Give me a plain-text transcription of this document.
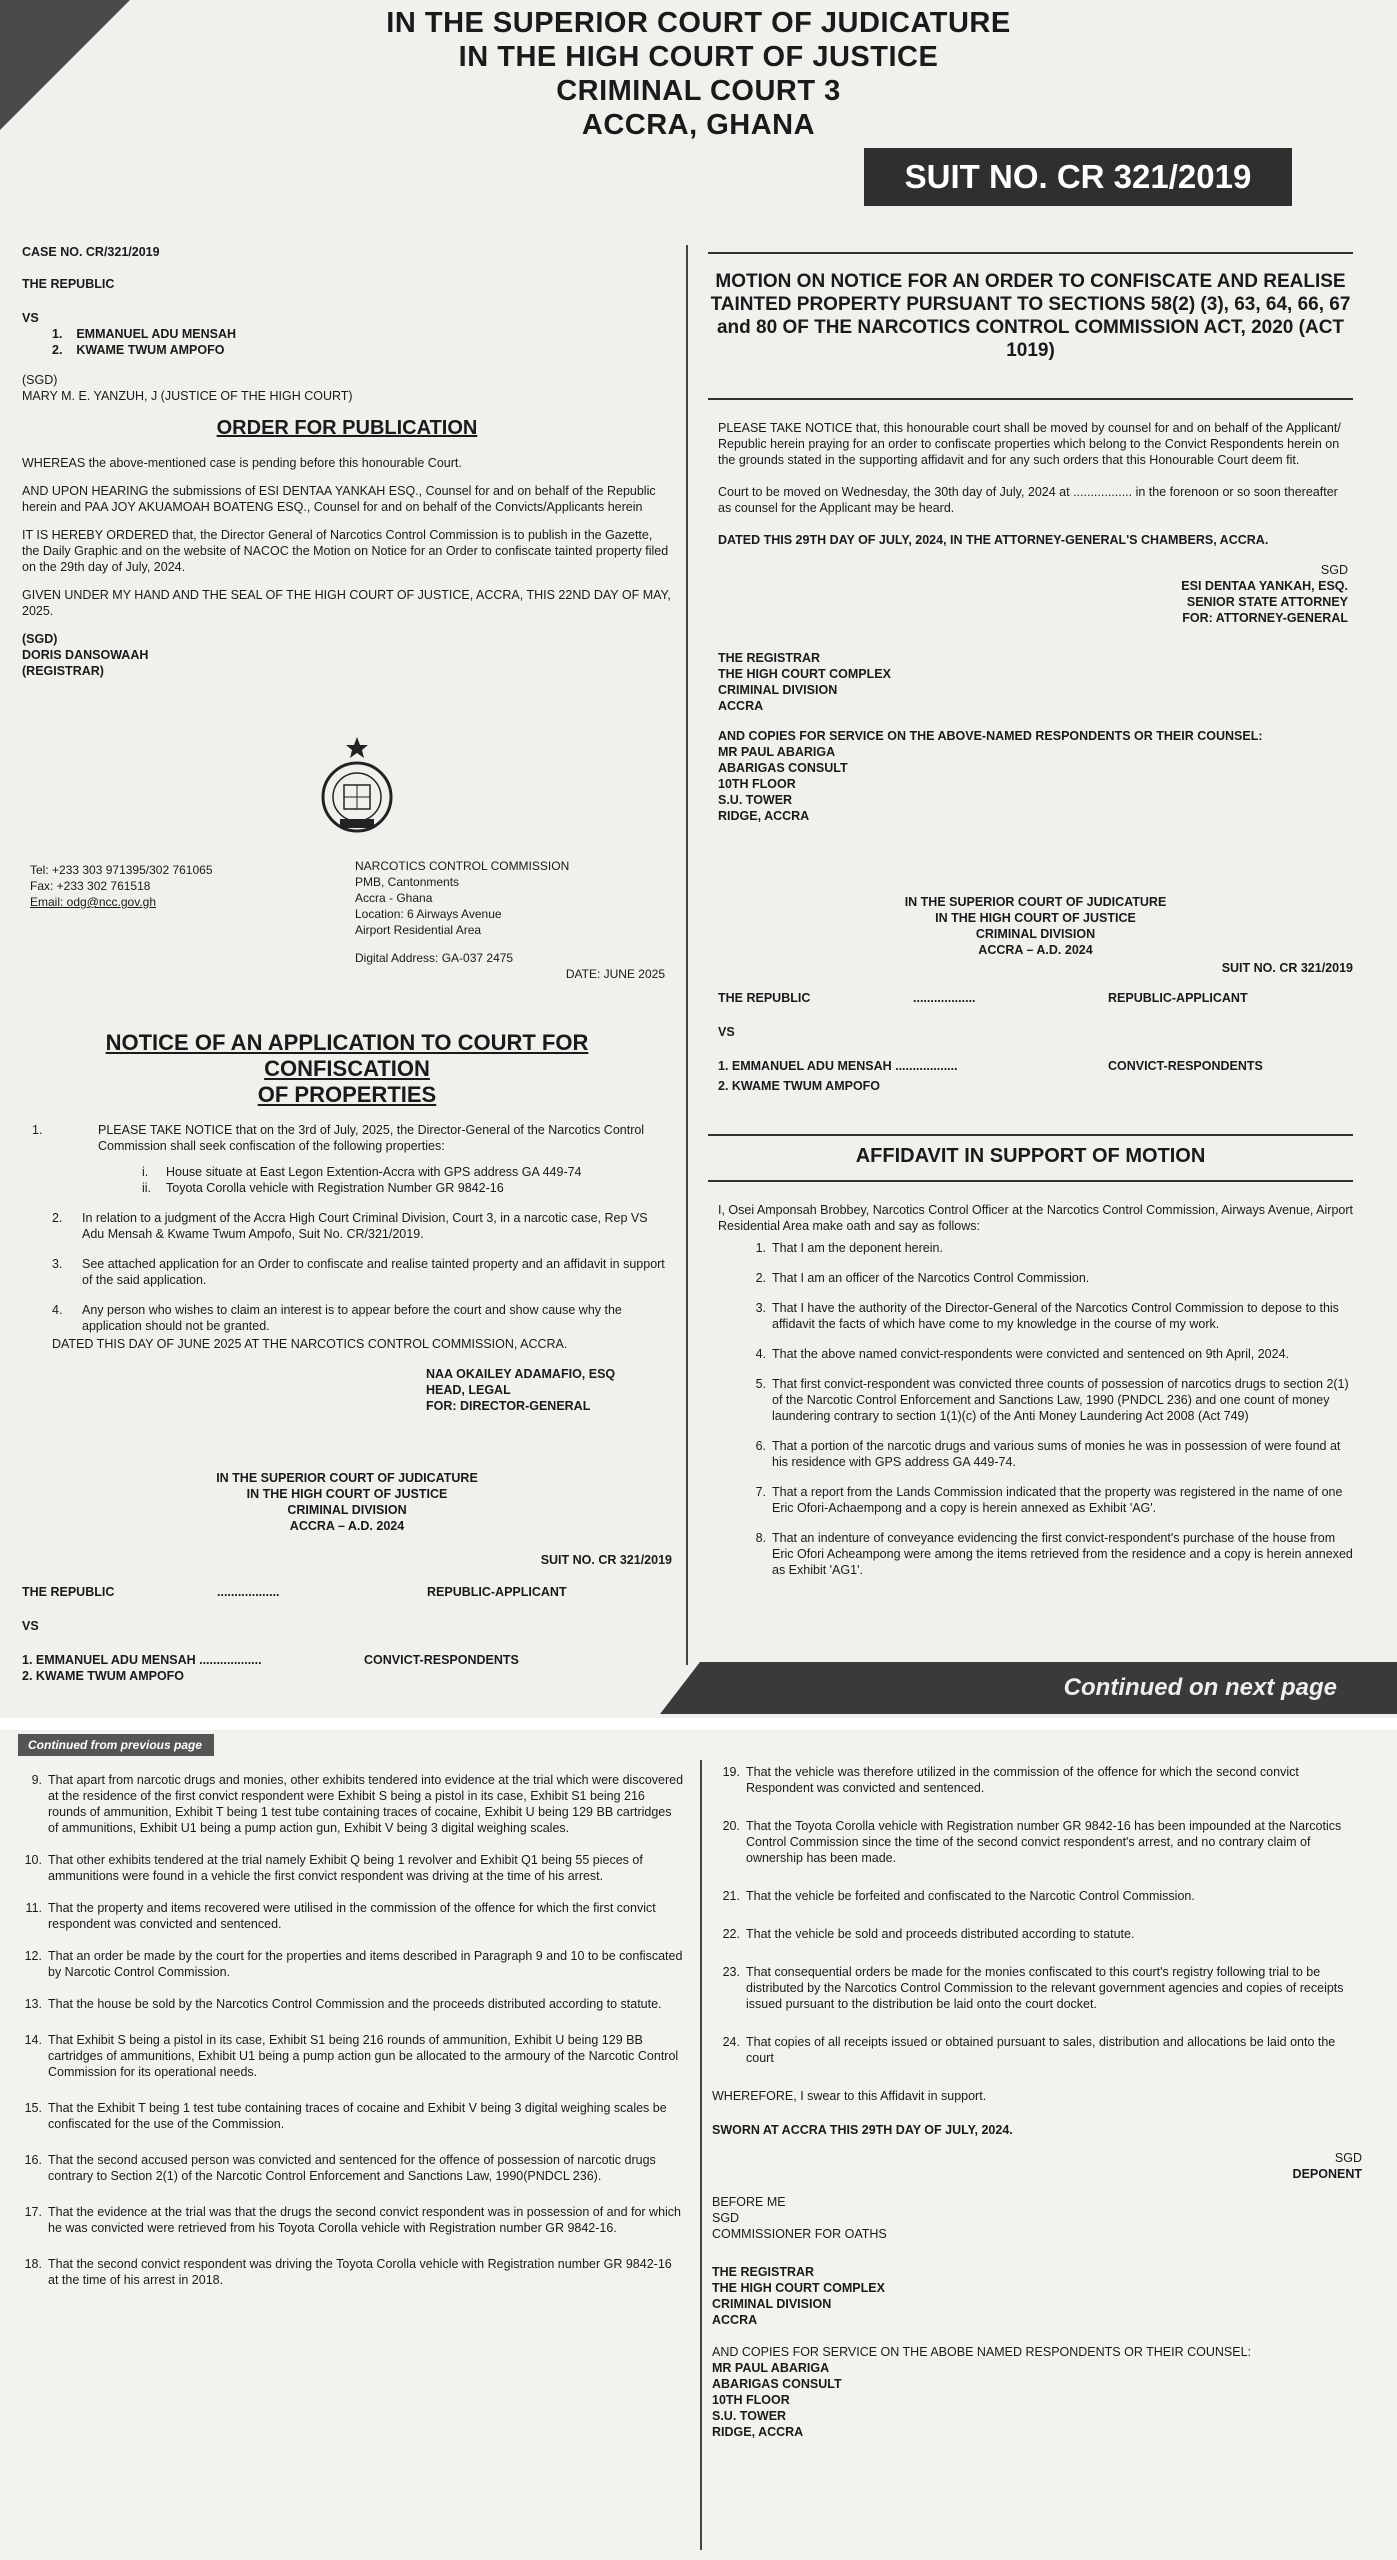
IN THE SUPERIOR COURT OF JUDICATURE
IN THE HIGH COURT OF JUSTICE
CRIMINAL COURT 3
ACCRA, GHANA
SUIT NO. CR 321/2019
CASE NO. CR/321/2019
THE REPUBLIC
VS
1. EMMANUEL ADU MENSAH
2. KWAME TWUM AMPOFO
(SGD)
MARY M. E. YANZUH, J (JUSTICE OF THE HIGH COURT)
ORDER FOR PUBLICATION

WHEREAS the above-mentioned case is pending before this honourable Court.

AND UPON HEARING the submissions of ESI DENTAA YANKAH ESQ., Counsel for and on behalf of the Republic herein and PAA JOY AKUAMOAH BOATENG ESQ., Counsel for and on behalf of the Convicts/Applicants herein

IT IS HEREBY ORDERED that, the Director General of Narcotics Control Commission is to publish in the Gazette, the Daily Graphic and on the website of NACOC the Motion on Notice for an Order to confiscate tainted property filed on the 29th day of July, 2024.

GIVEN UNDER MY HAND AND THE SEAL OF THE HIGH COURT OF JUSTICE, ACCRA, THIS 22ND DAY OF MAY, 2025.

(SGD)
DORIS DANSOWAAH
(REGISTRAR)
Tel: +233 303 971395/302 761065
Fax: +233 302 761518
Email: odg@ncc.gov.gh
NARCOTICS CONTROL COMMISSION
PMB, Cantonments
Accra - Ghana
Location: 6 Airways Avenue
Airport Residential Area
Digital Address: GA-037 2475
DATE: JUNE 2025
NOTICE OF AN APPLICATION TO COURT FOR CONFISCATION
OF PROPERTIES
1.	PLEASE TAKE NOTICE that on the 3rd of July, 2025, the Director-General of the Narcotics Control Commission shall seek confiscation of the following properties:
i. House situate at East Legon Extention-Accra with GPS address GA 449-74
ii. Toyota Corolla vehicle with Registration Number GR 9842-16
2. In relation to a judgment of the Accra High Court Criminal Division, Court 3, in a narcotic case, Rep VS Adu Mensah & Kwame Twum Ampofo, Suit No. CR/321/2019.
3. See attached application for an Order to confiscate and realise tainted property and an affidavit in support of the said application.
4. Any person who wishes to claim an interest is to appear before the court and show cause why the application should not be granted.
DATED THIS DAY OF JUNE 2025 AT THE NARCOTICS CONTROL COMMISSION, ACCRA.
NAA OKAILEY ADAMAFIO, ESQ
HEAD, LEGAL
FOR: DIRECTOR-GENERAL
IN THE SUPERIOR COURT OF JUDICATURE
IN THE HIGH COURT OF JUSTICE
CRIMINAL DIVISION
ACCRA – A.D. 2024
SUIT NO. CR 321/2019
THE REPUBLIC	..................	REPUBLIC-APPLICANT
VS
1. EMMANUEL ADU MENSAH ..................	CONVICT-RESPONDENTS
2. KWAME TWUM AMPOFO
MOTION ON NOTICE FOR AN ORDER TO CONFISCATE AND REALISE TAINTED PROPERTY PURSUANT TO SECTIONS 58(2) (3), 63, 64, 66, 67 and 80 OF THE NARCOTICS CONTROL COMMISSION ACT, 2020 (ACT 1019)

PLEASE TAKE NOTICE that, this honourable court shall be moved by counsel for and on behalf of the Applicant/ Republic herein praying for an order to confiscate properties which belong to the Convict Respondents herein on the grounds stated in the supporting affidavit and for any such orders that this Honourable Court deem fit.

Court to be moved on Wednesday, the 30th day of July, 2024 at ................. in the forenoon or so soon thereafter as counsel for the Applicant may be heard.

DATED THIS 29TH DAY OF JULY, 2024, IN THE ATTORNEY-GENERAL'S CHAMBERS, ACCRA.

SGD
ESI DENTAA YANKAH, ESQ.
SENIOR STATE ATTORNEY
FOR: ATTORNEY-GENERAL
THE REGISTRAR
THE HIGH COURT COMPLEX
CRIMINAL DIVISION
ACCRA
AND COPIES FOR SERVICE ON THE ABOVE-NAMED RESPONDENTS OR THEIR COUNSEL:
MR PAUL ABARIGA
ABARIGAS CONSULT
10TH FLOOR
S.U. TOWER
RIDGE, ACCRA
IN THE SUPERIOR COURT OF JUDICATURE
IN THE HIGH COURT OF JUSTICE
CRIMINAL DIVISION
ACCRA – A.D. 2024
SUIT NO. CR 321/2019
THE REPUBLIC	..................	REPUBLIC-APPLICANT
VS
1. EMMANUEL ADU MENSAH ..................	CONVICT-RESPONDENTS
2. KWAME TWUM AMPOFO
AFFIDAVIT IN SUPPORT OF MOTION

I, Osei Amponsah Brobbey, Narcotics Control Officer at the Narcotics Control Commission, Airways Avenue, Airport Residential Area make oath and say as follows:

1. That I am the deponent herein.
2. That I am an officer of the Narcotics Control Commission.
3. That I have the authority of the Director-General of the Narcotics Control Commission to depose to this affidavit the facts of which have come to my knowledge in the course of my work.
4. That the above named convict-respondents were convicted and sentenced on 9th April, 2024.
5. That first convict-respondent was convicted three counts of possession of narcotics drugs to section 2(1) of the Narcotic Control Enforcement and Sanctions Law, 1990 (PNDCL 236) and one count of money laundering contrary to section 1(1)(c) of the Anti Money Laundering Act 2008 (Act 749)
6. That a portion of the narcotic drugs and various sums of monies he was in possession of were found at his residence with GPS address GA 449-74.
7. That a report from the Lands Commission indicated that the property was registered in the name of one Eric Ofori-Achaempong and a copy is herein annexed as Exhibit 'AG'.
8. That an indenture of conveyance evidencing the first convict-respondent's purchase of the house from Eric Ofori Acheampong were among the items retrieved from the residence and a copy is herein annexed as Exhibit 'AG1'.
Continued on next page
Continued from previous page
9. That apart from narcotic drugs and monies, other exhibits tendered into evidence at the trial which were discovered at the residence of the first convict respondent were Exhibit S being a pistol in its case, Exhibit S1 being 216 rounds of ammunition, Exhibit T being 1 test tube containing traces of cocaine, Exhibit U being 129 BB cartridges of ammunitions, Exhibit U1 being a pump action gun, Exhibit V being 3 digital weighing scales.
10. That other exhibits tendered at the trial namely Exhibit Q being 1 revolver and Exhibit Q1 being 55 pieces of ammunitions were found in a vehicle the first convict respondent was driving at the time of his arrest.
11. That the property and items recovered were utilised in the commission of the offence for which the first convict respondent was convicted and sentenced.
12. That an order be made by the court for the properties and items described in Paragraph 9 and 10 to be confiscated by Narcotic Control Commission.
13. That the house be sold by the Narcotics Control Commission and the proceeds distributed according to statute.
14. That Exhibit S being a pistol in its case, Exhibit S1 being 216 rounds of ammunition, Exhibit U being 129 BB cartridges of ammunitions, Exhibit U1 being a pump action gun be allocated to the armoury of the Narcotic Control Commission for its operational needs.
15. That the Exhibit T being 1 test tube containing traces of cocaine and Exhibit V being 3 digital weighing scales be confiscated for the use of the Commission.
16. That the second accused person was convicted and sentenced for the offence of possession of narcotic drugs contrary to Section 2(1) of the Narcotic Control Enforcement and Sanctions Law, 1990(PNDCL 236).
17. That the evidence at the trial was that the drugs the second convict respondent was in possession of and for which he was convicted were retrieved from his Toyota Corolla vehicle with Registration number GR 9842-16.
18. That the second convict respondent was driving the Toyota Corolla vehicle with Registration number GR 9842-16 at the time of his arrest in 2018.
19. That the vehicle was therefore utilized in the commission of the offence for which the second convict Respondent was convicted and sentenced.
20. That the Toyota Corolla vehicle with Registration number GR 9842-16 has been impounded at the Narcotics Control Commission since the time of the second convict respondent's arrest, and no contrary claim of ownership has been made.
21. That the vehicle be forfeited and confiscated to the Narcotic Control Commission.
22. That the vehicle be sold and proceeds distributed according to statute.
23. That consequential orders be made for the monies confiscated to this court's registry following trial to be distributed by the Narcotics Control Commission to the relevant government agencies and copies of receipts issued pursuant to the distribution be laid onto the court docket.
24. That copies of all receipts issued or obtained pursuant to sales, distribution and allocations be laid onto the court
WHEREFORE, I swear to this Affidavit in support.
SWORN AT ACCRA THIS 29TH DAY OF JULY, 2024.
SGD
DEPONENT
BEFORE ME
SGD
COMMISSIONER FOR OATHS
THE REGISTRAR
THE HIGH COURT COMPLEX
CRIMINAL DIVISION
ACCRA
AND COPIES FOR SERVICE ON THE ABOBE NAMED RESPONDENTS OR THEIR COUNSEL:
MR PAUL ABARIGA
ABARIGAS CONSULT
10TH FLOOR
S.U. TOWER
RIDGE, ACCRA
